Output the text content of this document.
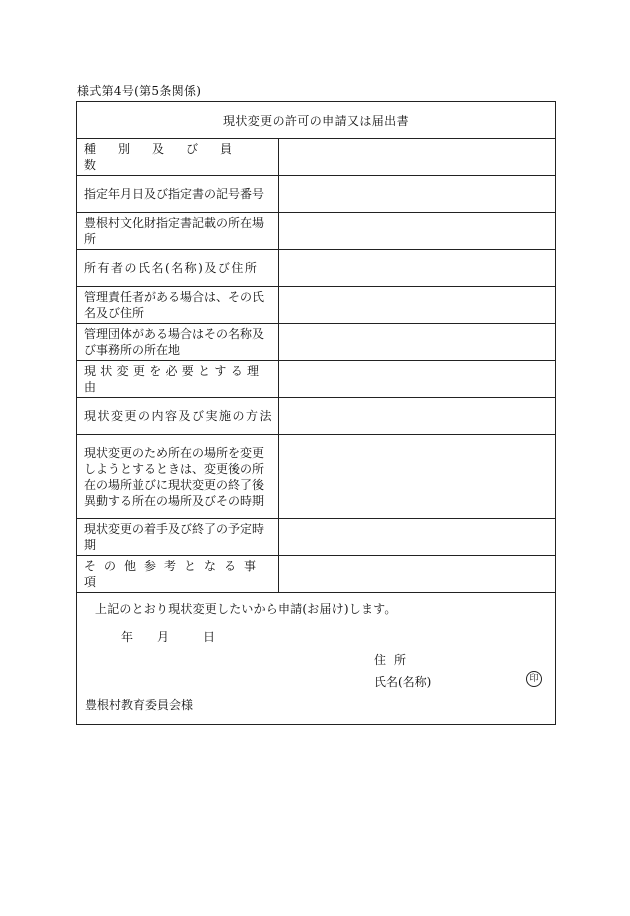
様式第4号(第5条関係)
現状変更の許可の申請又は届出書
種別及び員数
指定年月日及び指定書の記号番号
豊根村文化財指定書記載の所在場所
所有者の氏名(名称)及び住所
管理責任者がある場合は、その氏名及び住所
管理団体がある場合はその名称及び事務所の所在地
現状変更を必要とする理由
現状変更の内容及び実施の方法
現状変更のため所在の場所を変更しようとするときは、変更後の所在の場所並びに現状変更の終了後異動する所在の場所及びその時期
現状変更の着手及び終了の予定時期
その他参考となる事項
上記のとおり現状変更したいから申請(お届け)します。
年 月	日
住所
氏名(名称)	印
豊根村教育委員会様
